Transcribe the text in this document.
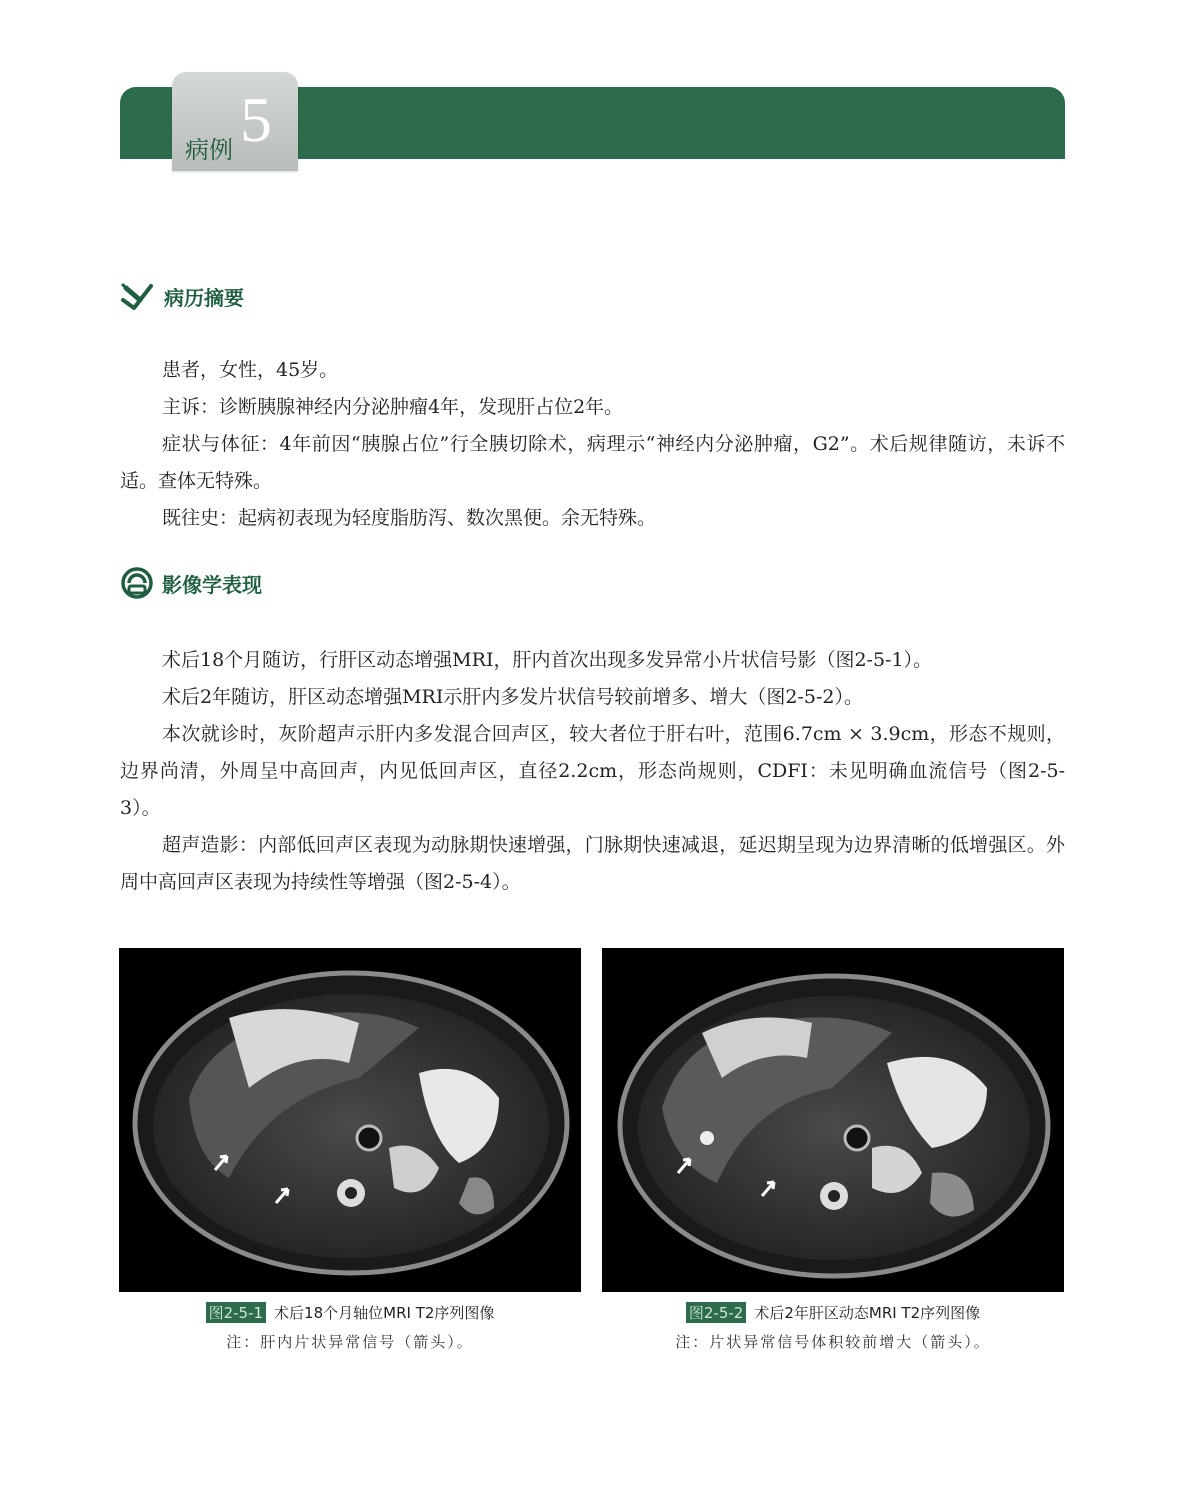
病例 5
病历摘要

患者，女性，45岁。

主诉：诊断胰腺神经内分泌肿瘤4年，发现肝占位2年。

症状与体征：4年前因“胰腺占位”行全胰切除术，病理示“神经内分泌肿瘤，G2”。术后规律随访，未诉不适。查体无特殊。

既往史：起病初表现为轻度脂肪泻、数次黑便。余无特殊。

影像学表现

术后18个月随访，行肝区动态增强MRI，肝内首次出现多发异常小片状信号影（图2-5-1）。

术后2年随访，肝区动态增强MRI示肝内多发片状信号较前增多、增大（图2-5-2）。

本次就诊时，灰阶超声示肝内多发混合回声区，较大者位于肝右叶，范围6.7cm × 3.9cm，形态不规则，边界尚清，外周呈中高回声，内见低回声区，直径2.2cm，形态尚规则，CDFI：未见明确血流信号（图2-5-3）。

超声造影：内部低回声区表现为动脉期快速增强，门脉期快速减退，延迟期呈现为边界清晰的低增强区。外周中高回声区表现为持续性等增强（图2-5-4）。

图2-5-1 术后18个月轴位MRI T2序列图像
注：肝内片状异常信号（箭头）。
图2-5-2 术后2年肝区动态MRI T2序列图像
注：片状异常信号体积较前增大（箭头）。
